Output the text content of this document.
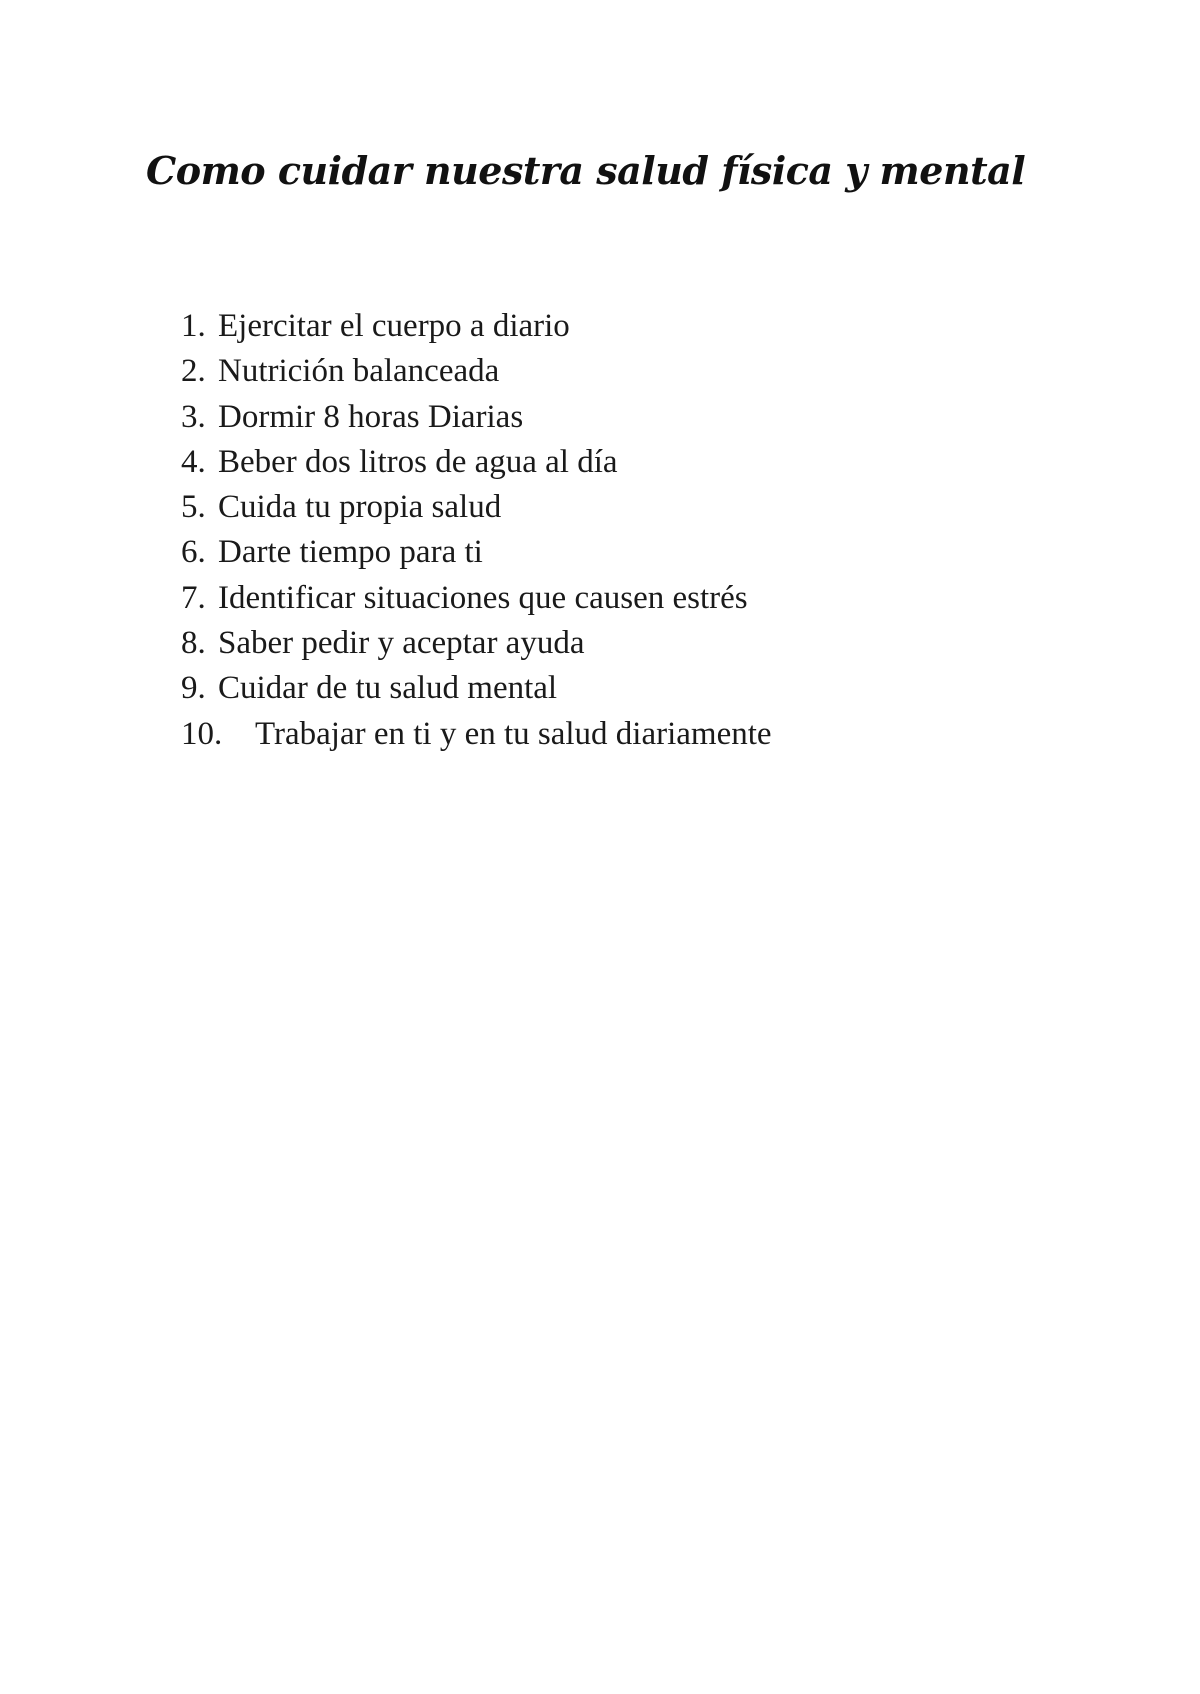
Como cuidar nuestra salud física y mental
1. Ejercitar el cuerpo a diario
2. Nutrición balanceada
3. Dormir 8 horas Diarias
4. Beber dos litros de agua al día
5. Cuida tu propia salud
6. Darte tiempo para ti
7. Identificar situaciones que causen estrés
8. Saber pedir y aceptar ayuda
9. Cuidar de tu salud mental
10. Trabajar en ti y en tu salud diariamente
